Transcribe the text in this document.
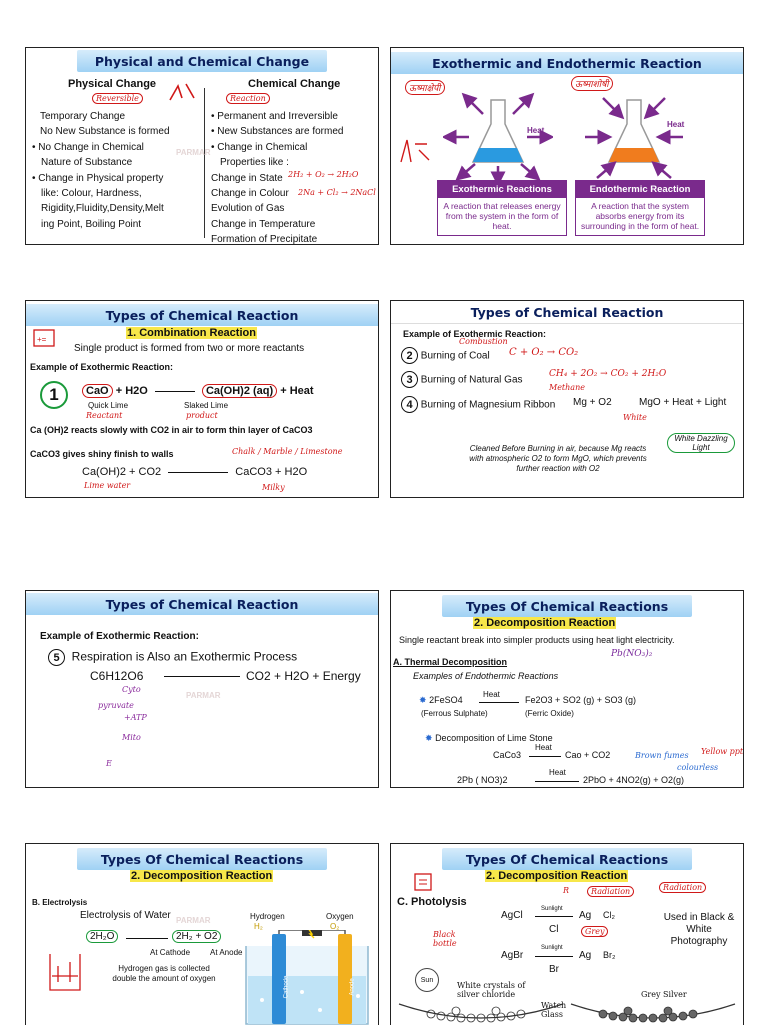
Physical and Chemical Change
Physical Change	Chemical Change
Reversible	Reaction
Temporary Change
No New Substance is formed
• No Change in Chemical
Nature of Substance
• Change in Physical property
like: Colour, Hardness,
Rigidity,Fluidity,Density,Melt
ing Point, Boiling Point
• Permanent and Irreversible
• New Substances are formed
• Change in Chemical
Properties like :
Change in State
Change in Colour
Evolution of Gas
Change in Temperature
Formation of Precipitate
2H₂ + O₂ → 2H₂O
2Na + Cl₂ → 2NaCl
PARMAR
Exothermic and Endothermic Reaction
ऊष्माक्षेपी	ऊष्माशोषी
Heat
Heat
Exothermic Reactions
A reaction that releases energy from the system in the form of heat.
Endothermic Reaction
A reaction that the system absorbs energy from its surrounding in the form of heat.
Types of Chemical Reaction
1. Combination Reaction
Single product is formed from two or more reactants
Example of Exothermic Reaction:
1	CaO + H2O	Ca(OH)2 (aq) + Heat
Quick Lime	Slaked Lime
Reactant	product
Ca (OH)2 reacts slowly with CO2 in air to form thin layer of CaCO3
CaCO3 gives shiny finish to walls	Chalk / Marble / Limestone
Ca(OH)2 + CO2	CaCO3 + H2O
Lime water	Milky
+=
Types of Chemical Reaction
Example of Exothermic Reaction:
Combustion
2 Burning of Coal C + O₂ → CO₂
3 Burning of Natural Gas
CH₄ + 2O₂ → CO₂ + 2H₂O
Methane
4 Burning of Magnesium Ribbon Mg + O2	MgO + Heat + Light
White
White Dazzling Light
Cleaned Before Burning in air, because Mg reacts with atmospheric O2 to form MgO, which prevents further reaction with O2
Types of Chemical Reaction
Example of Exothermic Reaction:
5 Respiration is Also an Exothermic Process
C6H12O6	CO2 + H2O + Energy
Cyto
pyruvate
+ATP
Mito
E
PARMAR
Types Of Chemical Reactions
2. Decomposition Reaction
Single reactant break into simpler products using heat light electricity.
Pb(NO₃)₂
A. Thermal Decomposition
Examples of Endothermic Reactions
✸ 2FeSO4
Heat
Fe2O3 + SO2 (g) + SO3 (g)
(Ferrous Sulphate)	(Ferric Oxide)
✸ Decomposition of Lime Stone
CaCo3
Heat
Cao + CO2	Brown fumes Yellow ppt
colourless
2Pb ( NO3)2
Heat
2PbO + 4NO2(g) + O2(g)
Types Of Chemical Reactions
2. Decomposition Reaction
B. Electrolysis
Electrolysis of Water
2H₂O	2H₂ + O2
At Cathode At Anode
Hydrogen gas is collected double the amount of oxygen
PARMAR	Hydrogen
H₂
Oxygen
O₂
Cathode	Anode
Types Of Chemical Reactions
2. Decomposition Reaction
Radiation	Radiation
R
C. Photolysis
AgCl
Sunlight
Ag Cl₂
Cl	Grey
Black bottle
AgBr
Sunlight
Ag Br₂
Br
Used in Black & White Photography
Sun
White crystals of silver chloride
Watch Glass
Grey Silver
